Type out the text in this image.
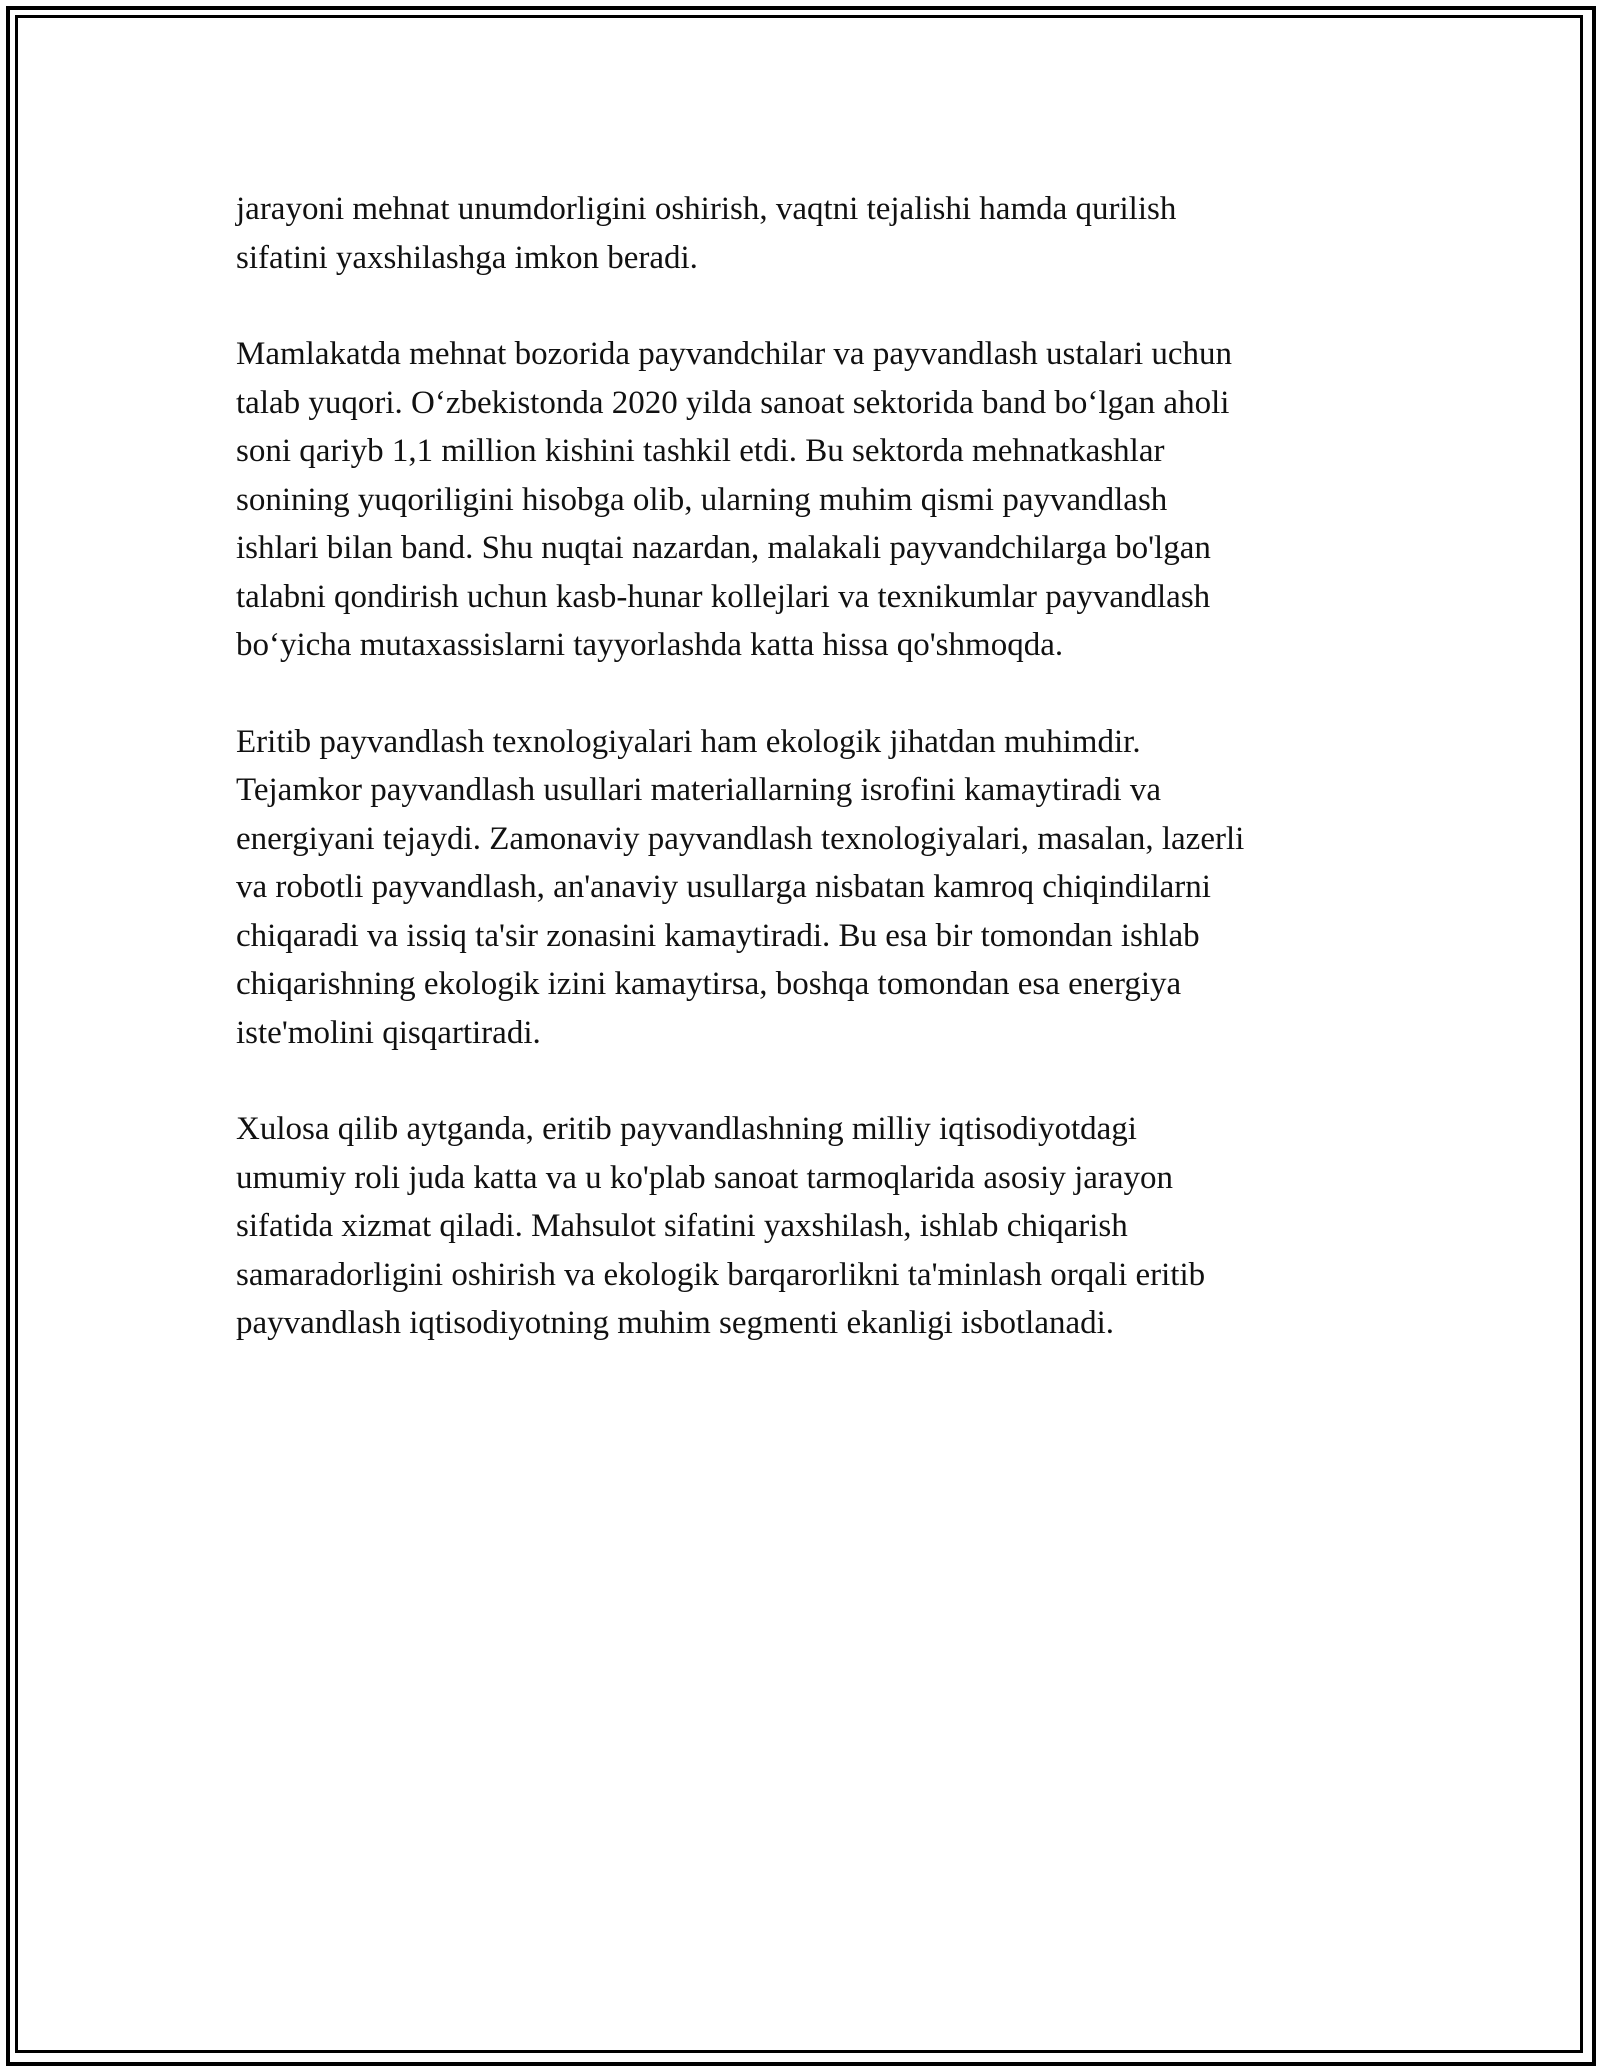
jarayoni mehnat unumdorligini oshirish, vaqtni tejalishi hamda qurilish
sifatini yaxshilashga imkon beradi.

Mamlakatda mehnat bozorida payvandchilar va payvandlash ustalari uchun
talab yuqori. O‘zbekistonda 2020 yilda sanoat sektorida band bo‘lgan aholi
soni qariyb 1,1 million kishini tashkil etdi. Bu sektorda mehnatkashlar
sonining yuqoriligini hisobga olib, ularning muhim qismi payvandlash
ishlari bilan band. Shu nuqtai nazardan, malakali payvandchilarga bo'lgan
talabni qondirish uchun kasb-hunar kollejlari va texnikumlar payvandlash
bo‘yicha mutaxassislarni tayyorlashda katta hissa qo'shmoqda.

Eritib payvandlash texnologiyalari ham ekologik jihatdan muhimdir.
Tejamkor payvandlash usullari materiallarning isrofini kamaytiradi va
energiyani tejaydi. Zamonaviy payvandlash texnologiyalari, masalan, lazerli
va robotli payvandlash, an'anaviy usullarga nisbatan kamroq chiqindilarni
chiqaradi va issiq ta'sir zonasini kamaytiradi. Bu esa bir tomondan ishlab
chiqarishning ekologik izini kamaytirsa, boshqa tomondan esa energiya
iste'molini qisqartiradi.

Xulosa qilib aytganda, eritib payvandlashning milliy iqtisodiyotdagi
umumiy roli juda katta va u ko'plab sanoat tarmoqlarida asosiy jarayon
sifatida xizmat qiladi. Mahsulot sifatini yaxshilash, ishlab chiqarish
samaradorligini oshirish va ekologik barqarorlikni ta'minlash orqali eritib
payvandlash iqtisodiyotning muhim segmenti ekanligi isbotlanadi.
